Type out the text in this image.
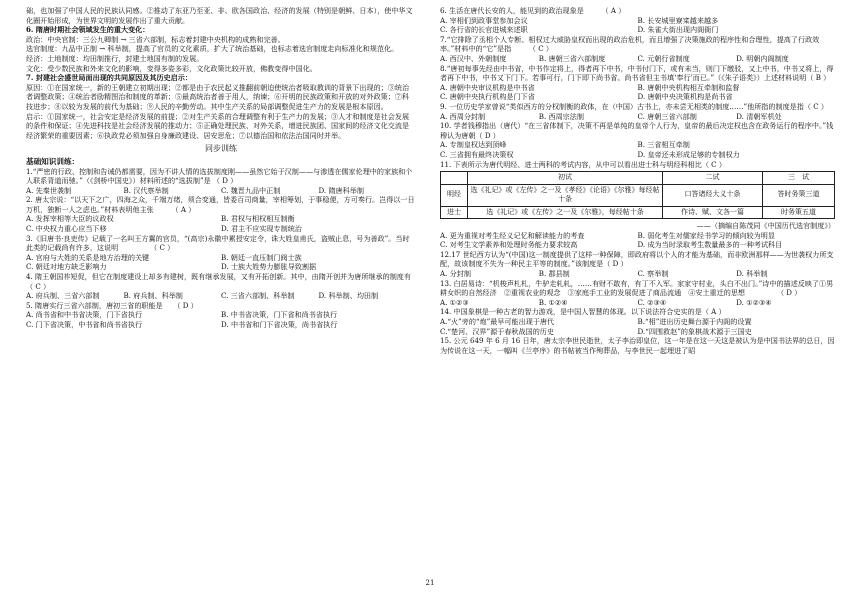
础，也加强了中国人民的民族认同感。②推动了东亚乃至亚、非、欧各国政治、经济的发展（特别是朝鲜、日本），使中华文化圈开始形成，为世界文明的发展作出了重大贡献。

6. 隋唐时期社会领域发生的重大变化：

政治：中央官制：三公九卿制 → 三省六部制，标志着封建中央机构的成熟和完善。

选官制度：九品中正制 → 科举制，提高了官员的文化素质，扩大了统治基础，也标志着选官制度走向标准化和规范化。

经济：土地制度：均田制推行，封建土地国有制的发展。

文化：受少数民族和外来文化的影响，变得多姿多彩，文化政策比较开放，佛教变得中国化。

7. 封建社会盛世局面出现的共同原因及其历史启示：

原因：①在国家统一，新的王朝建立初期出现；②都是由于农民起义推翻前朝迫使统治者吸取教训的背景下出现的；③统治者调整政策；④统治者励精图治和制度的革新；⑤最高统治者善于用人，纳谏；⑥开明的民族政策和开放的对外政策；⑦科技进步；⑧以较为发展的前代为基础；⑨人民的辛勤劳动。其中生产关系的局部调整促进生产力的发展是根本原因。

启示：①国家统一，社会安定是经济发展的前提；②对生产关系的合理调整有利于生产力的发展；③人才和制度是社会发展的条件和保证；④先进科技是社会经济发展的推动力；⑤正确处理民族、对外关系，增进民族团、国家间的经济文化交流是经济繁荣的重要因素；⑥执政党必须加强自身廉政建设、居安思危；⑦以德治国和依法治国同时并举。

同步训练
基础知识训练：

1.“严密的行政、控制和告诫仍都需要，因为不讲人情的选拔制度刚——虽然它始于汉制——与渗透在儒家伦理中的家族和个人联系背道而驰。”（《剑桥中国史》）材料所述的“选拔制”是 （ D ）

A. 先秦世袭制	B. 汉代察举制	C. 魏晋九品中正制	D. 隋唐科举制

2. 唐太宗说：“以天下之广，四海之众，千端万绪，须合变通，皆委百司商量，宰相筹划，于事稳便，方可奏行。岂得以一日万机，独断一人之虑也。”材料表明他主张　　　（ A ）

A. 发挥宰相等大臣的议政权	B. 君权与相权相互制衡
C. 中央权力重心应当下移	D. 君主不应实现专制统治

3.《旧唐书·良吏传》记载了一名叫王方翼的官员，“(高宗)永徽中累授安定令，诛大姓皇甫氏，盗贼止息，号为善政”。当时此类的记载尚有许多，这说明　　　　　（ C ）

A. 官府与大姓的关系是地方治理的关键	B. 朝廷一直压制门阀士族
C. 朝廷对地方缺乏影响力	D. 士族大姓势力膨胀导致割据

4. 隋王朝国祚短促，但它在制度建设上却多有建树，既有继承发展，又有开拓创新。其中，由隋开创并为唐所继承的制度有（ C ）

A. 府兵制、三省六部制	B. 府兵制、科举制	C. 三省六部制、科举制	D. 科举制、均田制

5. 隋唐实行三省六部制，唐初三省的职能是　　（ D ）

A. 尚书省和中书省决策，门下省执行	B. 中书省决策，门下省和尚书省执行
C. 门下省决策，中书省和尚书省执行	D. 中书省和门下省决策，尚书省执行

6. 生活在唐代长安的人，能见到的政治现象是　　　（ A ）

A. 宰相们到政事堂参加会议	B. 长安城里寮寀越来越多
C. 各行省的长官进城来述职	D. 朱雀大街出现内阁衙门

7.“它排除了丞相个人专断、相权过大威胁皇权而出现的政治危机，而且增强了决策施政的程序性和合理性，提高了行政效率。”材料中的“它”是指　　　（ C ）

A. 西汉中、外朝制度	B. 唐朝三省六部制度	C. 元朝行省制度	D. 明朝内阁制度

8.“唐初每事先经由中书省，中书作定将上，得者再下中书，中书付门下，或有未当，则门下缴驳，又上中书，中书又将上，得者再下中书，中书又下门下。若事可行，门下即下尚书省。尚书省但主书填‘奉行’而已。”（《朱子语类》）上述材料说明（ B ）

A. 唐朝中央审议机构是中书省	B. 唐朝中央机构相互牵制和监督
C. 唐朝中央执行机构是门下省	D. 唐朝中央决策机构是尚书省

9. 一位历史学家曾说“类似西方的分权制衡的政体，在（中国）古书上，亦未尝无相类的制度……”他所指的制度是指（ C ）

A. 西周分封制	B. 西周宗法制	C. 唐朝三省六部制	D. 清朝军机处

10. 学者钱穆指出（唐代）“在三省体制下，决策不再是单纯的皇帝个人行为，皇帝的最后决定权也含在政务运行的程序中。”钱穆认为唐朝（ D ）

A. 专制皇权达到顶峰	B. 三省相互牵制
C. 三省拥有最终决策权	D. 皇帝还未形成足够的专制权力

11. 下表所示为唐代明经、进士两科的考试内容，从中可以看出进士科与明经科相比（ C ）

	初试	二试	三　试
明经	选《礼记》或《左传》之一及《孝经》《论语》《尔雅》每经帖十条	口答诸经大义十条	答时务策三道
进士	选《礼记》或《左传》之一及《尔雅》，每经帖十条	作诗、赋、文各一篇	时务策五道

——（摘编自陈茂同《中国历代选官制度》）

A. 更为重视对考生经义记忆和解读能力的考查	B. 弱化考生对儒家经书学习的倾向较为明显
C. 对考生文学素养和处理时务能力要求较高	D. 成为当时录取考生数量最多的一种考试科目

12.17 世纪西方认为“(中国)这一制度提供了这样一种保障，即政府将以个人的才能为基础，而非欧洲那样——为世袭权力所支配，故该制度不失为一种民主平等的制度。”该制度是（ D ）

A. 分封制	B. 郡县制	C. 察举制	D. 科举制

13. 白居易诗：“机梭声札札，牛驴走轧轧，……有财不敢有，有丁不入军。家家守村业，头白不出门。”诗中的描述反映了①男耕女织的自然经济　②重视农业的观念　③家庭手工业的发展促进了商品流通　④安土重迁的思想　　　　　（ D ）

A. ①②③	B. ①②④	C. ②③④	D. ①②③④

14. 中国象棋是一种古老的智力游戏，是中国人智慧的体现。以下说法符合史实的是（ A ）

A.“火”旁的“炮”最早可能出现于唐代	B.“相”进出历史舞台源于内阁的设置
C.“楚河、汉界”源于春秋战国的历史	D.“四围救赵”的象棋战术源于三国史

15. 公元 649 年 6 月 16 日年，唐太宗李世民逝世，太子李治即皇位，这一年是在这一天这是被认为是中国书法界的总日，因为传说在这一天，一幅叫《兰亭序》的书帖被当作殉葬品，与李世民一起埋进了昭

21
